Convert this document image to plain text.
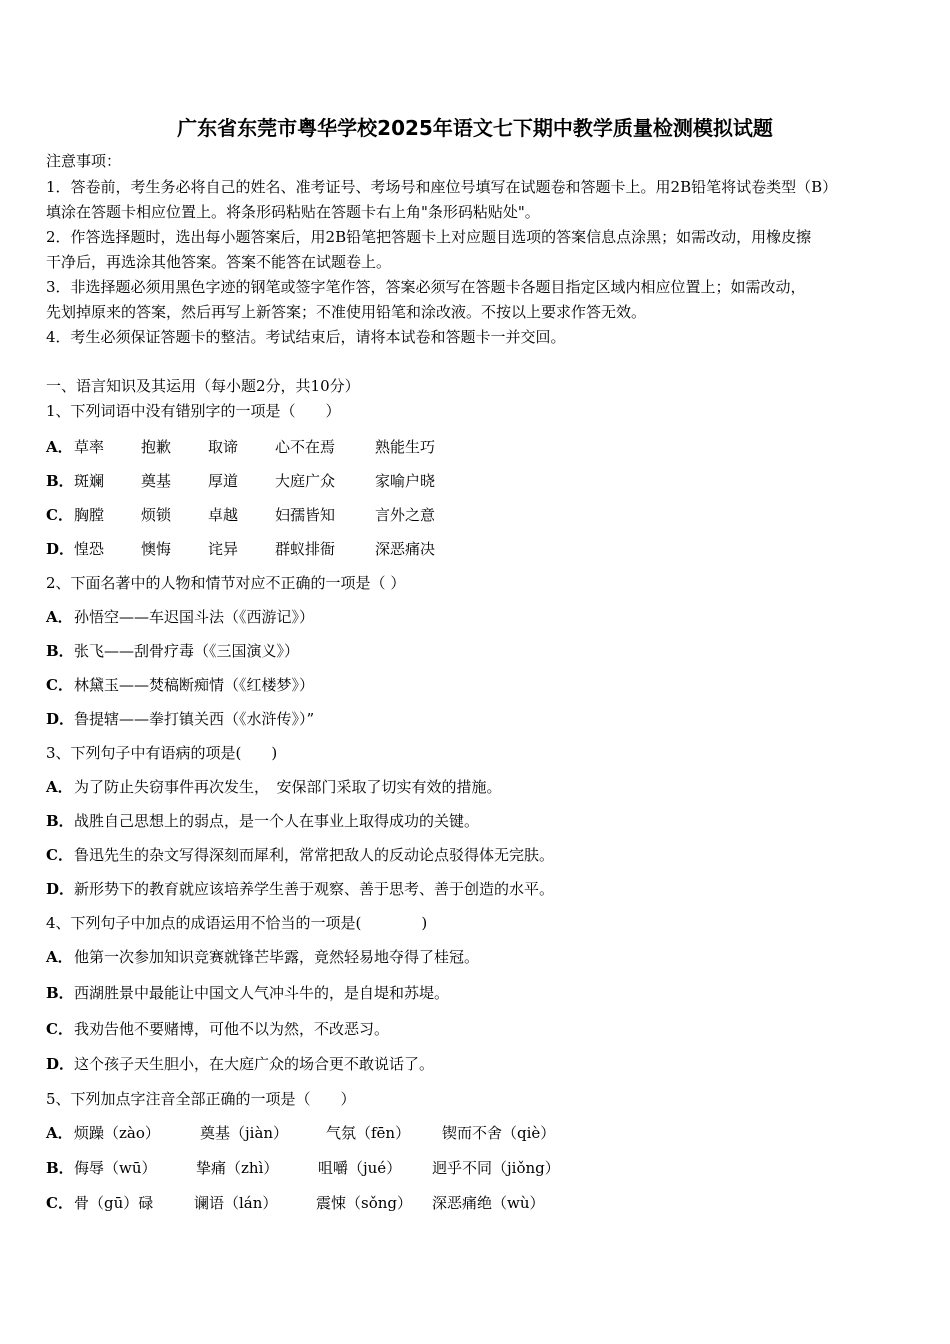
广东省东莞市粤华学校2025年语文七下期中教学质量检测模拟试题
注意事项：
1．答卷前，考生务必将自己的姓名、准考证号、考场号和座位号填写在试题卷和答题卡上。用2B铅笔将试卷类型（B）
填涂在答题卡相应位置上。将条形码粘贴在答题卡右上角"条形码粘贴处"。
2．作答选择题时，选出每小题答案后，用2B铅笔把答题卡上对应题目选项的答案信息点涂黑；如需改动，用橡皮擦
干净后，再选涂其他答案。答案不能答在试题卷上。
3．非选择题必须用黑色字迹的钢笔或签字笔作答，答案必须写在答题卡各题目指定区域内相应位置上；如需改动，
先划掉原来的答案，然后再写上新答案；不准使用铅笔和涂改液。不按以上要求作答无效。
4．考生必须保证答题卡的整洁。考试结束后，请将本试卷和答题卡一并交回。
一、语言知识及其运用（每小题2分，共10分）
1、下列词语中没有错别字的一项是（　　）
A．草率 抱歉 取谛 心不在焉	熟能生巧
B．斑斓 奠基 厚道 大庭广众	家喻户晓
C．胸膛 烦锁 卓越 妇孺皆知	言外之意
D．惶恐 懊悔 诧异 群蚁排衙	深恶痛决
2、下面名著中的人物和情节对应不正确的一项是（ ）
A．孙悟空——车迟国斗法（《西游记》）
B．张飞——刮骨疗毒（《三国演义》）
C．林黛玉——焚稿断痴情（《红楼梦》）
D．鲁提辖——拳打镇关西（《水浒传》）”
3、下列句子中有语病的项是(　　)
A．为了防止失窃事件再次发生，　安保部门采取了切实有效的措施。
B．战胜自己思想上的弱点，是一个人在事业上取得成功的关键。
C．鲁迅先生的杂文写得深刻而犀利，常常把敌人的反动论点驳得体无完肤。
D．新形势下的教育就应该培养学生善于观察、善于思考、善于创造的水平。
4、下列句子中加点的成语运用不恰当的一项是(　　　　)
A．他第一次参加知识竞赛就锋芒毕露，竟然轻易地夺得了桂冠。
B．西湖胜景中最能让中国文人气冲斗牛的，是自堤和苏堤。
C．我劝告他不要赌博，可他不以为然，不改恶习。
D．这个孩子天生胆小，在大庭广众的场合更不敢说话了。
5、下列加点字注音全部正确的一项是（　　）
A．烦躁（zào）	奠基（jiàn）	气氛（fēn） 锲而不舍（qiè）
B．侮辱（wū）	挚痛（zhì）	咀嚼（jué） 迥乎不同（jiǒng）
C．骨（gū）碌	谰语（lán）	震悚（sǒng） 深恶痛绝（wù）
